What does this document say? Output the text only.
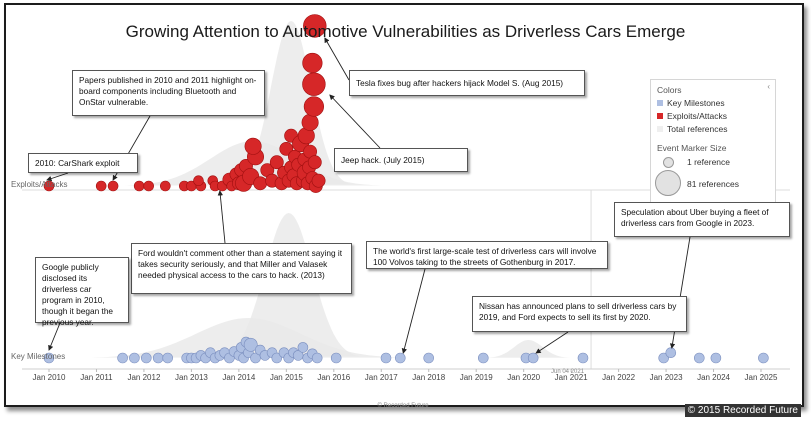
Jan 2010 Jan 2011 Jan 2012 Jan 2013 Jan 2014 Jan 2015 Jan 2016 Jan 2017 Jan 2018 Jan 2019 Jan 2020 Jan 2021 Jan 2022 Jan 2023 Jan 2024 Jan 2025
Jun 04 2021
Exploits/Attacks
Key Milestones
© Recorded Future
Growing Attention to Automotive Vulnerabilities as Driverless Cars Emerge
Colors	‹
Key Milestones
Exploits/Attacks
Total references
Event Marker Size
1 reference
81 references
2010: CarShark exploit
Papers published in 2010 and 2011 highlight on-board components including Bluetooth and OnStar vulnerable.
Tesla fixes bug after hackers hijack Model S. (Aug 2015)
Jeep hack. (July 2015)
Ford wouldn't comment other than a statement saying it takes security seriously, and that Miller and Valasek needed physical access to the cars to hack. (2013)
Google publicly disclosed its driverless car program in 2010, though it began the previous year.
The world's first large-scale test of driverless cars will involve 100 Volvos taking to the streets of Gothenburg in 2017.
Nissan has announced plans to sell driverless cars by 2019, and Ford expects to sell its first by 2020.
Speculation about Uber buying a fleet of driverless cars from Google in 2023.
© 2015 Recorded Future
